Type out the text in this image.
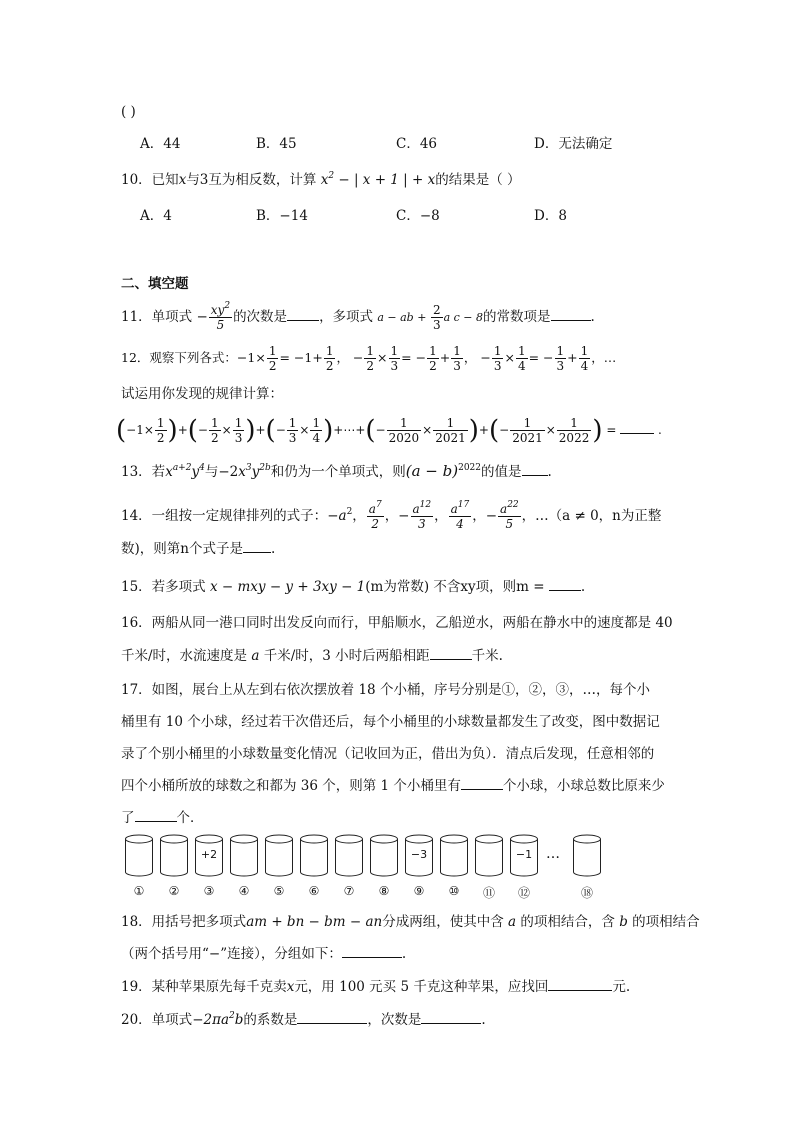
( )
A．44	B．45	C．46	D．无法确定
10．已知x与3互为相反数，计算 $x^2$ − | x + 1 | + x的结果是（ ）
A．4	B．−14	C．−8	D．8
二、填空题
11．单项式 − $\frac{xy^2}{5}$ 的次数是 ，多项式 a − ab + $\frac{2}{3}$ a c − 8的常数项是	.
12．观察下列各式：$-1\times \frac{1}{2} = -1+ \frac{1}{2}$ ， − $\frac{1}{2} \times \frac{1}{3}$ = − $\frac{1}{2} + \frac{1}{3}$ ， − $\frac{1}{3} \times \frac{1}{4}$ = − $\frac{1}{3} + \frac{1}{4}$ ，…
试运用你发现的规律计算：
($-1\times \frac{1}{2}$ )+(− $\frac{1}{2} \times \frac{1}{3}$ )+(− $\frac{1}{3} \times \frac{1}{4}$ )+⋯+(− $\frac{1}{2020} \times \frac{1}{2021}$ )+(− $\frac{1}{2021} \times \frac{1}{2022}$ ) =	.
13．若$x^{a+2}y^4$与$-2x^3y^{2b}$和仍为一个单项式，则$(a - b)^{2022}$的值是 .
14．一组按一定规律排列的式子：$-a^2$， $\frac{a^7}{2}$ ，− $\frac{a^{12}}{3}$ ， $\frac{a^{17}}{4}$ ，− $\frac{a^{22}}{5}$ ，…（a ≠ 0，n为正整
数)，则第n个式子是 .
15．若多项式 x − mxy − y + 3xy − 1(m为常数) 不含xy项，则m =	.
16．两船从同一港口同时出发反向而行，甲船顺水，乙船逆水，两船在静水中的速度都是 40
千米/时，水流速度是 a 千米/时，3 小时后两船相距	千米.
17．如图，展台上从左到右依次摆放着 18 个小桶，序号分别是①，②，③，…，每个小
桶里有 10 个小球，经过若干次借还后，每个小桶里的小球数量都发生了改变，图中数据记
录了个别小桶里的小球数量变化情况（记收回为正，借出为负）．清点后发现，任意相邻的
四个小桶所放的球数之和都为 36 个，则第 1 个小桶里有	个小球，小球总数比原来少
了	个．
①	②
+2
③	④	⑤	⑥	⑦	⑧
−3
⑨	⑩	⑪
−1
⑫
…
⑱
18．用括号把多项式am + bn − bm − an分成两组，使其中含 a 的项相结合，含 b 的项相结合
（两个括号用“−”连接），分组如下：	.
19．某种苹果原先每千克卖x元，用 100 元买 5 千克这种苹果，应找回	元.
20．单项式$-2\pi a^2b$的系数是	，次数是	.
